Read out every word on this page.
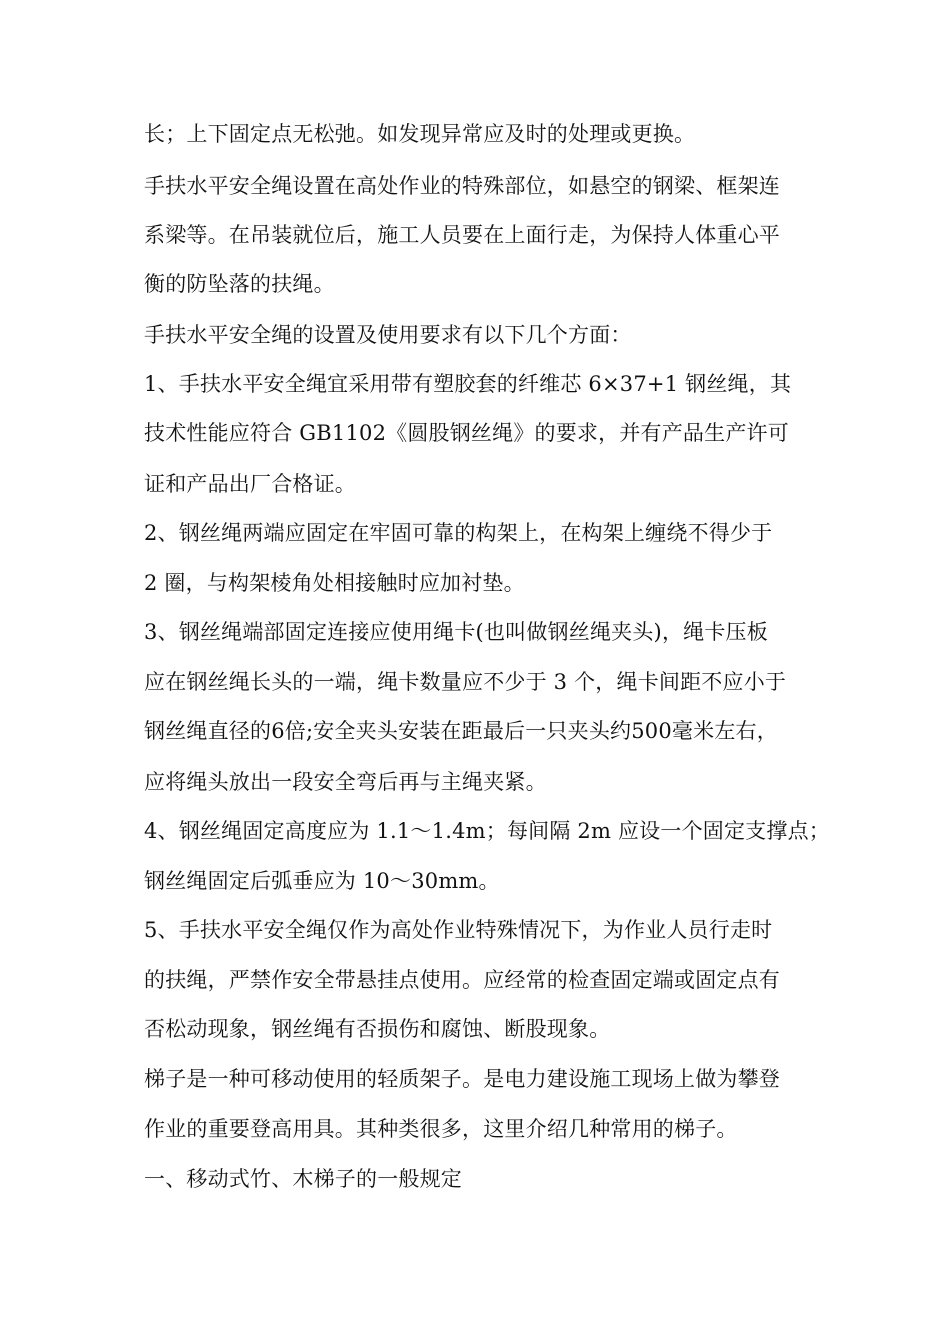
长；上下固定点无松弛。如发现异常应及时的处理或更换。
手扶水平安全绳设置在高处作业的特殊部位，如悬空的钢梁、框架连
系梁等。在吊装就位后，施工人员要在上面行走，为保持人体重心平
衡的防坠落的扶绳。
手扶水平安全绳的设置及使用要求有以下几个方面：
1、手扶水平安全绳宜采用带有塑胶套的纤维芯 6×37+1 钢丝绳，其
技术性能应符合 GB1102《圆股钢丝绳》的要求，并有产品生产许可
证和产品出厂合格证。
2、钢丝绳两端应固定在牢固可靠的构架上，在构架上缠绕不得少于
2 圈，与构架棱角处相接触时应加衬垫。
3、钢丝绳端部固定连接应使用绳卡(也叫做钢丝绳夹头)，绳卡压板
应在钢丝绳长头的一端，绳卡数量应不少于 3 个，绳卡间距不应小于
钢丝绳直径的6倍;安全夹头安装在距最后一只夹头约500毫米左右，
应将绳头放出一段安全弯后再与主绳夹紧。
4、钢丝绳固定高度应为 1.1～1.4m；每间隔 2m 应设一个固定支撑点；
钢丝绳固定后弧垂应为 10～30mm。
5、手扶水平安全绳仅作为高处作业特殊情况下，为作业人员行走时
的扶绳，严禁作安全带悬挂点使用。应经常的检查固定端或固定点有
否松动现象，钢丝绳有否损伤和腐蚀、断股现象。
梯子是一种可移动使用的轻质架子。是电力建设施工现场上做为攀登
作业的重要登高用具。其种类很多，这里介绍几种常用的梯子。
一、移动式竹、木梯子的一般规定
